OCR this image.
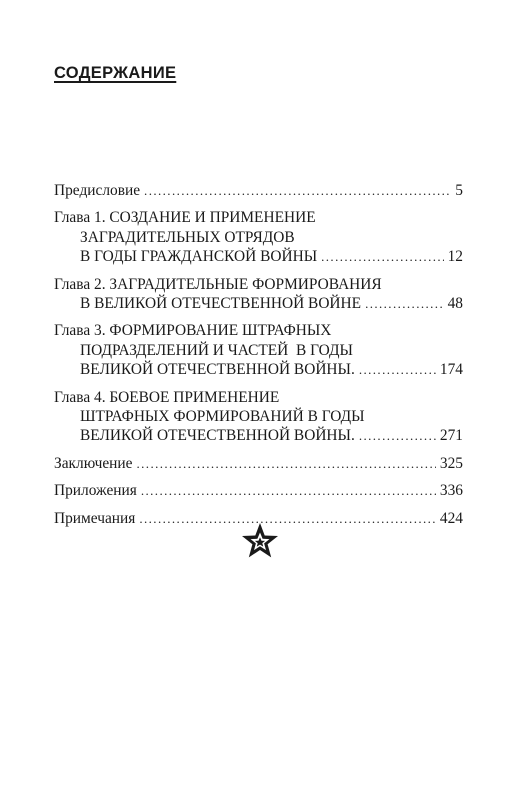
СОДЕРЖАНИЕ
Предисловие .....	5
Глава 1. СОЗДАНИЕ И ПРИМЕНЕНИЕ
ЗАГРАДИТЕЛЬНЫХ ОТРЯДОВ
В ГОДЫ ГРАЖДАНСКОЙ ВОЙНЫ .....	12
Глава 2. ЗАГРАДИТЕЛЬНЫЕ ФОРМИРОВАНИЯ
В ВЕЛИКОЙ ОТЕЧЕСТВЕННОЙ ВОЙНЕ .....	48
Глава 3. ФОРМИРОВАНИЕ ШТРАФНЫХ
ПОДРАЗДЕЛЕНИЙ И ЧАСТЕЙ  В ГОДЫ
ВЕЛИКОЙ ОТЕЧЕСТВЕННОЙ ВОЙНЫ. .....	174
Глава 4. БОЕВОЕ ПРИМЕНЕНИЕ
ШТРАФНЫХ ФОРМИРОВАНИЙ В ГОДЫ
ВЕЛИКОЙ ОТЕЧЕСТВЕННОЙ ВОЙНЫ. .....	271
Заключение .....	325
Приложения .....	336
Примечания .....	424
